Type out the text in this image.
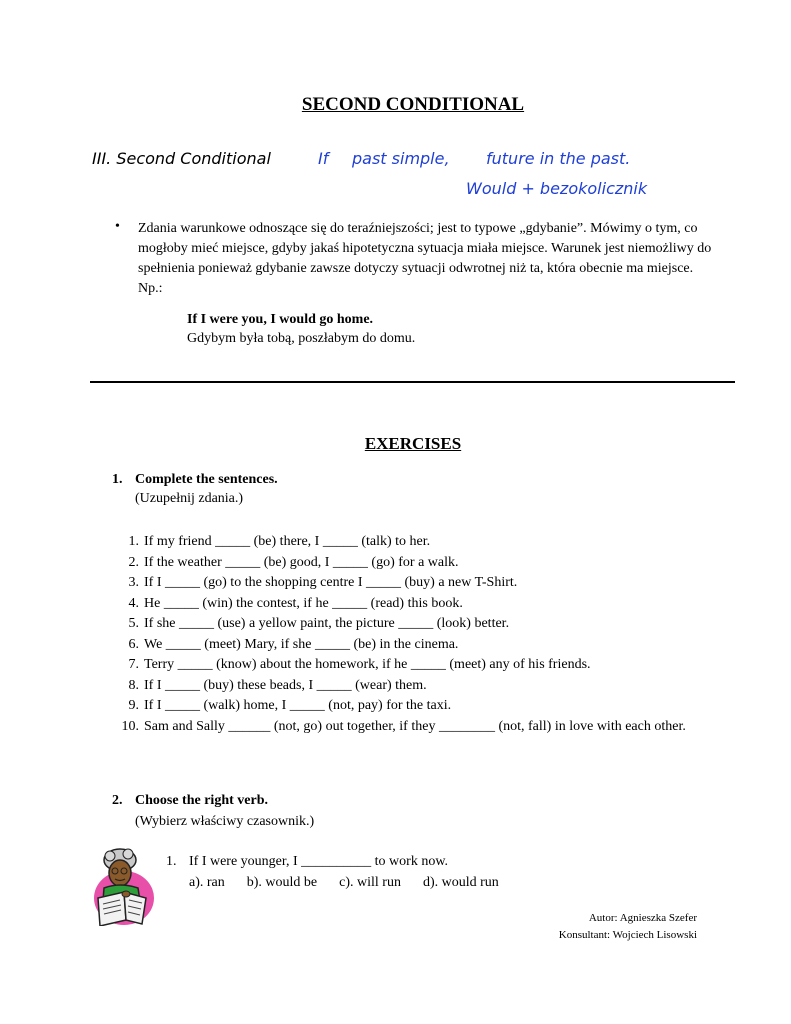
SECOND CONDITIONAL
III. Second Conditional	If past simple, future in the past.
Would + bezokolicznik
• Zdania warunkowe odnoszące się do teraźniejszości; jest to typowe „gdybanie”. Mówimy o tym, co mogłoby mieć miejsce, gdyby jakaś hipotetyczna sytuacja miała miejsce. Warunek jest niemożliwy do spełnienia ponieważ gdybanie zawsze dotyczy sytuacji odwrotnej niż ta, która obecnie ma miejsce. Np.:
If I were you, I would go home.
Gdybym była tobą, poszłabym do domu.
EXERCISES
1. Complete the sentences.
(Uzupełnij zdania.)
1. If my friend _____ (be) there, I _____ (talk) to her.
2. If the weather _____ (be) good, I _____ (go) for a walk.
3. If I _____ (go) to the shopping centre I _____ (buy) a new T-Shirt.
4. He _____ (win) the contest, if he _____ (read) this book.
5. If she _____ (use) a yellow paint, the picture _____ (look) better.
6. We _____ (meet) Mary, if she _____ (be) in the cinema.
7. Terry _____ (know) about the homework, if he _____ (meet) any of his friends.
8. If I _____ (buy) these beads, I _____ (wear) them.
9. If I _____ (walk) home, I _____ (not, pay) for the taxi.
10. Sam and Sally ______ (not, go) out together, if they ________ (not, fall) in love with each other.
2. Choose the right verb.
(Wybierz właściwy czasownik.)
1. If I were younger, I __________ to work now.
a). ran b). would be c). will run d). would run
Autor: Agnieszka Szefer
Konsultant: Wojciech Lisowski
